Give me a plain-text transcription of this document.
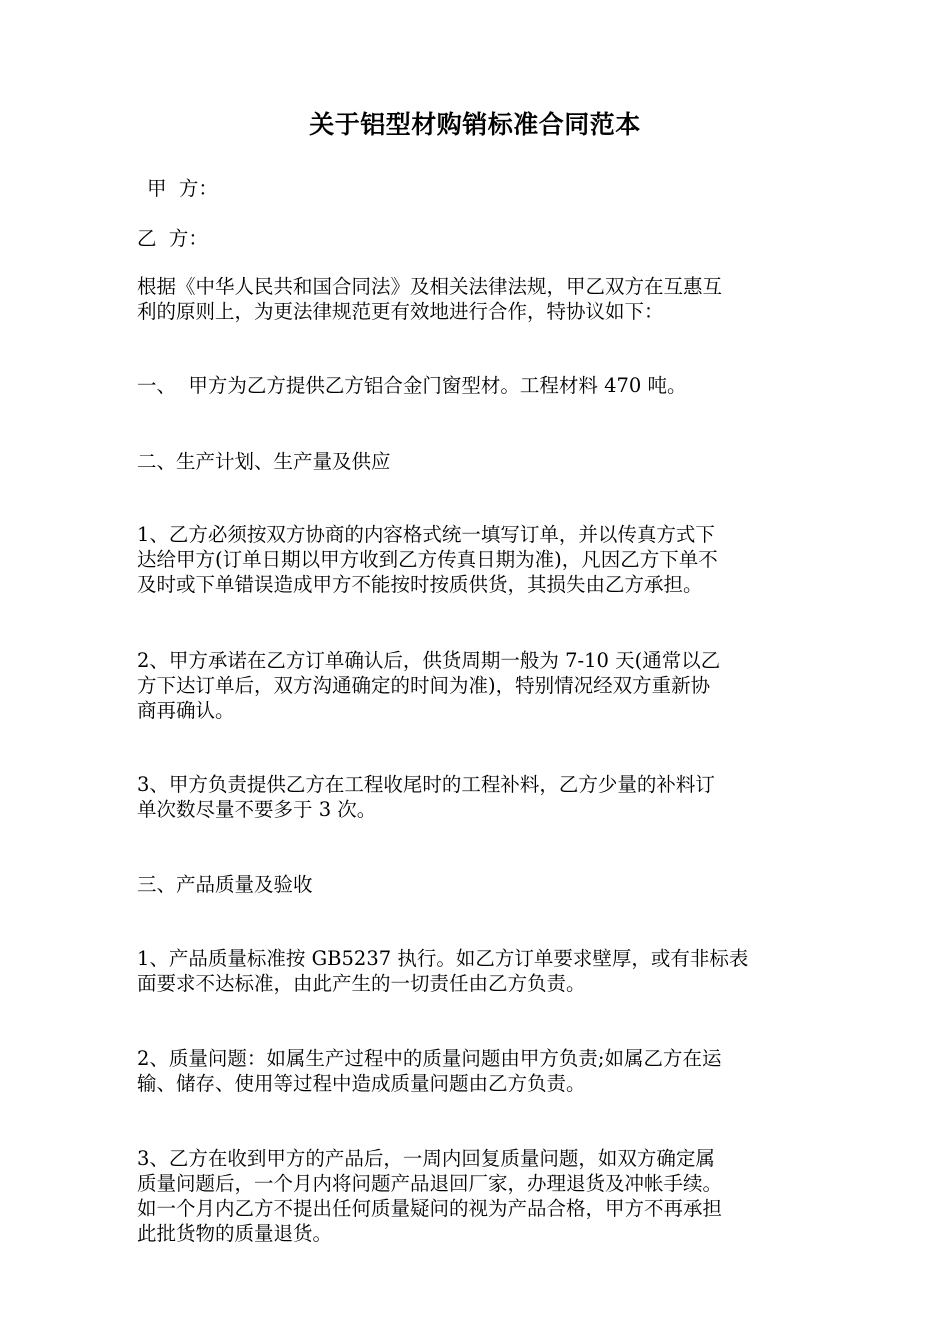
关于铝型材购销标准合同范本

甲  方：

乙  方：

根据《中华人民共和国合同法》及相关法律法规，甲乙双方在互惠互
利的原则上，为更法律规范更有效地进行合作，特协议如下：

一、  甲方为乙方提供乙方铝合金门窗型材。工程材料 470 吨。

二、生产计划、生产量及供应

1、乙方必须按双方协商的内容格式统一填写订单，并以传真方式下
达给甲方(订单日期以甲方收到乙方传真日期为准)，凡因乙方下单不
及时或下单错误造成甲方不能按时按质供货，其损失由乙方承担。

2、甲方承诺在乙方订单确认后，供货周期一般为 7-10 天(通常以乙
方下达订单后，双方沟通确定的时间为准)，特别情况经双方重新协
商再确认。

3、甲方负责提供乙方在工程收尾时的工程补料，乙方少量的补料订
单次数尽量不要多于 3 次。

三、产品质量及验收

1、产品质量标准按 GB5237 执行。如乙方订单要求壁厚，或有非标表
面要求不达标准，由此产生的一切责任由乙方负责。

2、质量问题：如属生产过程中的质量问题由甲方负责;如属乙方在运
输、储存、使用等过程中造成质量问题由乙方负责。

3、乙方在收到甲方的产品后，一周内回复质量问题，如双方确定属
质量问题后，一个月内将问题产品退回厂家，办理退货及冲帐手续。
如一个月内乙方不提出任何质量疑问的视为产品合格，甲方不再承担
此批货物的质量退货。
